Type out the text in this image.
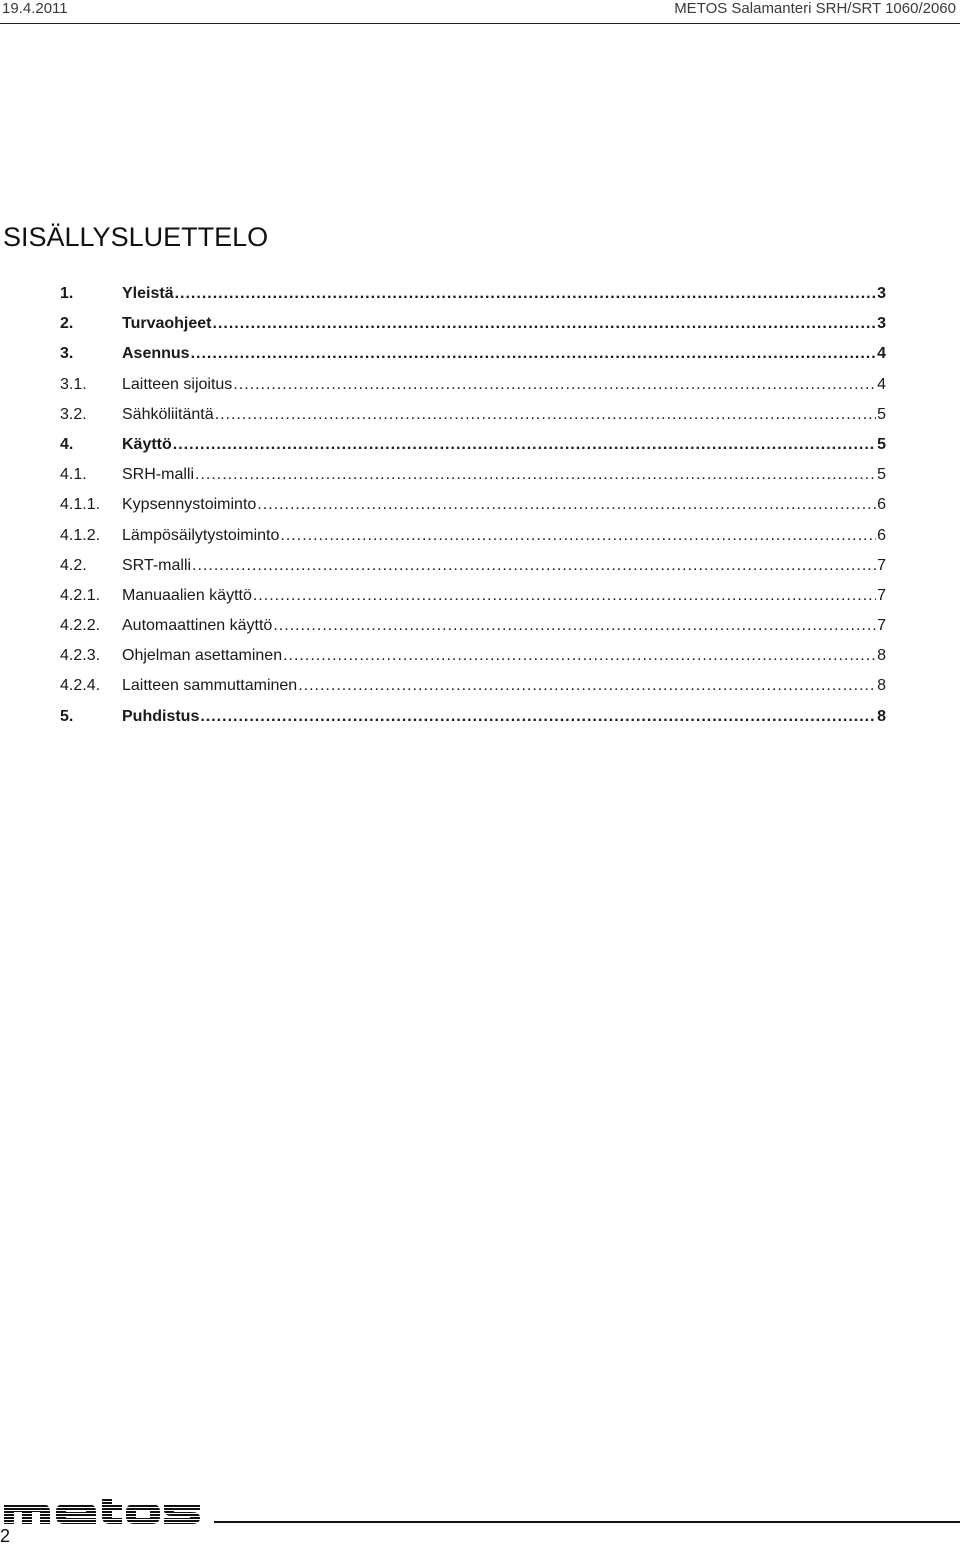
19.4.2011	METOS Salamanteri SRH/SRT 1060/2060
SISÄLLYSLUETTELO
1.	Yleistä .....	3
2.	Turvaohjeet .....	3
3.	Asennus .....	4
3.1.	Laitteen sijoitus .....	4
3.2.	Sähköliitäntä .....	5
4.	Käyttö .....	5
4.1.	SRH-malli .....	5
4.1.1.	Kypsennystoiminto .....	6
4.1.2.	Lämpösäilytystoiminto .....	6
4.2.	SRT-malli .....	7
4.2.1.	Manuaalien käyttö .....	7
4.2.2.	Automaattinen käyttö .....	7
4.2.3.	Ohjelman asettaminen .....	8
4.2.4.	Laitteen sammuttaminen .....	8
5.	Puhdistus .....	8
2
